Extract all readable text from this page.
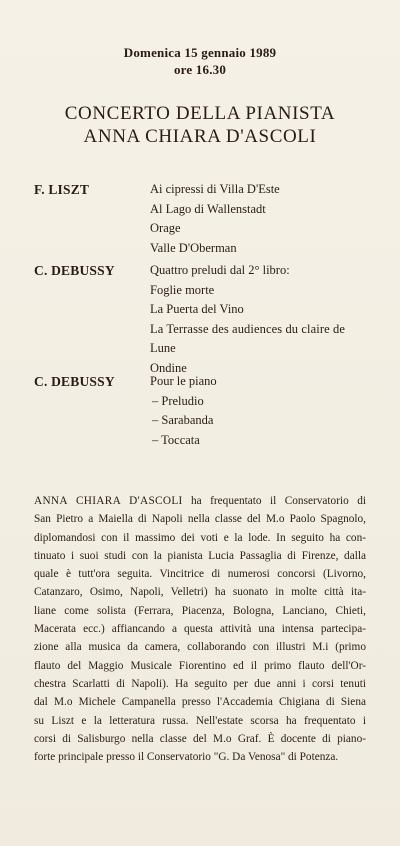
Domenica 15 gennaio 1989
ore 16.30
CONCERTO DELLA PIANISTA
ANNA CHIARA D'ASCOLI
F. LISZT	Ai cipressi di Villa D'Este
Al Lago di Wallenstadt
Orage
Valle D'Oberman
C. DEBUSSY	Quattro preludi dal 2° libro:
Foglie morte
La Puerta del Vino
La Terrasse des audiences du claire de
Lune
Ondine
C. DEBUSSY	Pour le piano
– Preludio
– Sarabanda
– Toccata
ANNA CHIARA D'ASCOLI ha frequentato il Conservatorio di
San Pietro a Maiella di Napoli nella classe del M.o Paolo Spagnolo,
diplomandosi con il massimo dei voti e la lode. In seguito ha con-
tinuato i suoi studi con la pianista Lucia Passaglia di Firenze, dalla
quale è tutt'ora seguita. Vincitrice di numerosi concorsi (Livorno,
Catanzaro, Osimo, Napoli, Velletri) ha suonato in molte città ita-
liane come solista (Ferrara, Piacenza, Bologna, Lanciano, Chieti,
Macerata ecc.) affiancando a questa attività una intensa partecipa-
zione alla musica da camera, collaborando con illustri M.i (primo
flauto del Maggio Musicale Fiorentino ed il primo flauto dell'Or-
chestra Scarlatti di Napoli). Ha seguito per due anni i corsi tenuti
dal M.o Michele Campanella presso l'Accademia Chigiana di Siena
su Liszt e la letteratura russa. Nell'estate scorsa ha frequentato i
corsi di Salisburgo nella classe del M.o Graf. È docente di piano-
forte principale presso il Conservatorio "G. Da Venosa" di Potenza.
